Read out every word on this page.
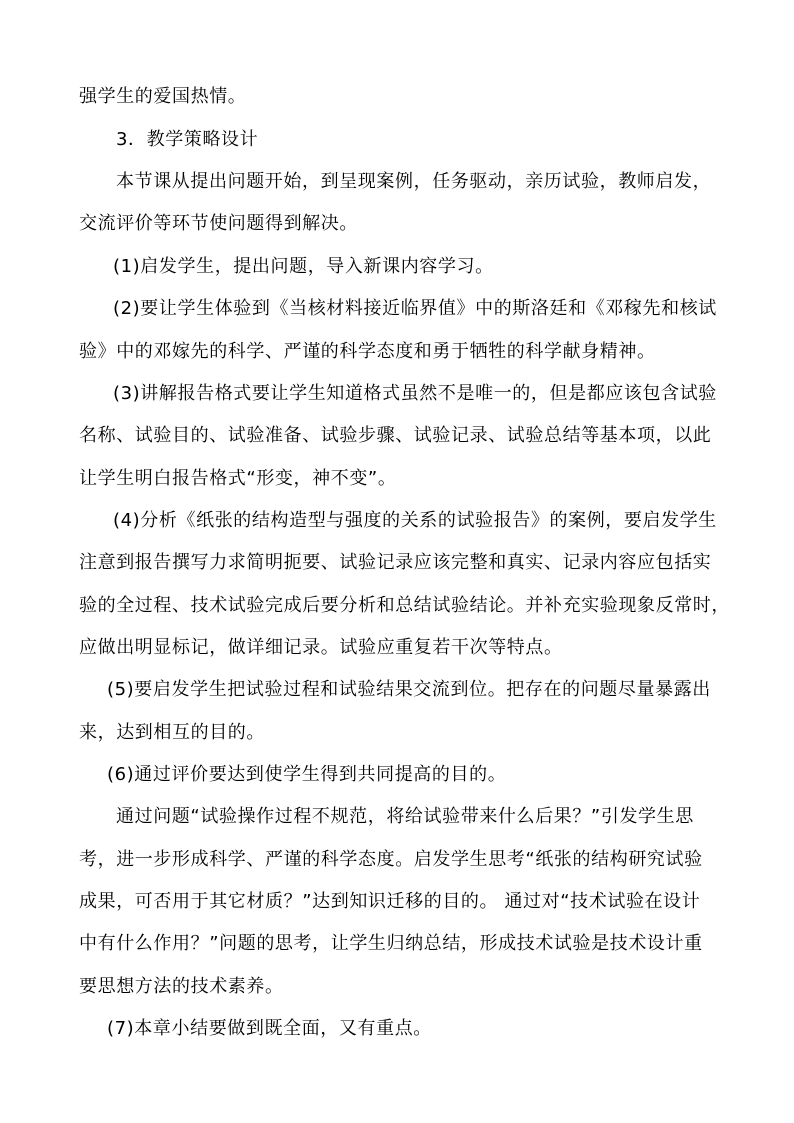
强学生的爱国热情。
3．教学策略设计
本节课从提出问题开始，到呈现案例，任务驱动，亲历试验，教师启发，
交流评价等环节使问题得到解决。
(1)启发学生，提出问题，导入新课内容学习。
(2)要让学生体验到《当核材料接近临界值》中的斯洛廷和《邓稼先和核试
验》中的邓嫁先的科学、严谨的科学态度和勇于牺牲的科学献身精神。
(3)讲解报告格式要让学生知道格式虽然不是唯一的，但是都应该包含试验
名称、试验目的、试验准备、试验步骤、试验记录、试验总结等基本项，以此
让学生明白报告格式“形变，神不变”。
(4)分析《纸张的结构造型与强度的关系的试验报告》的案例，要启发学生
注意到报告撰写力求简明扼要、试验记录应该完整和真实、记录内容应包括实
验的全过程、技术试验完成后要分析和总结试验结论。并补充实验现象反常时，
应做出明显标记，做详细记录。试验应重复若干次等特点。
(5)要启发学生把试验过程和试验结果交流到位。把存在的问题尽量暴露出
来，达到相互的目的。
(6)通过评价要达到使学生得到共同提高的目的。
通过问题“试验操作过程不规范，将给试验带来什么后果？”引发学生思
考，进一步形成科学、严谨的科学态度。启发学生思考“纸张的结构研究试验
成果，可否用于其它材质？”达到知识迁移的目的。 通过对“技术试验在设计
中有什么作用？”问题的思考，让学生归纳总结，形成技术试验是技术设计重
要思想方法的技术素养。
(7)本章小结要做到既全面，又有重点。
